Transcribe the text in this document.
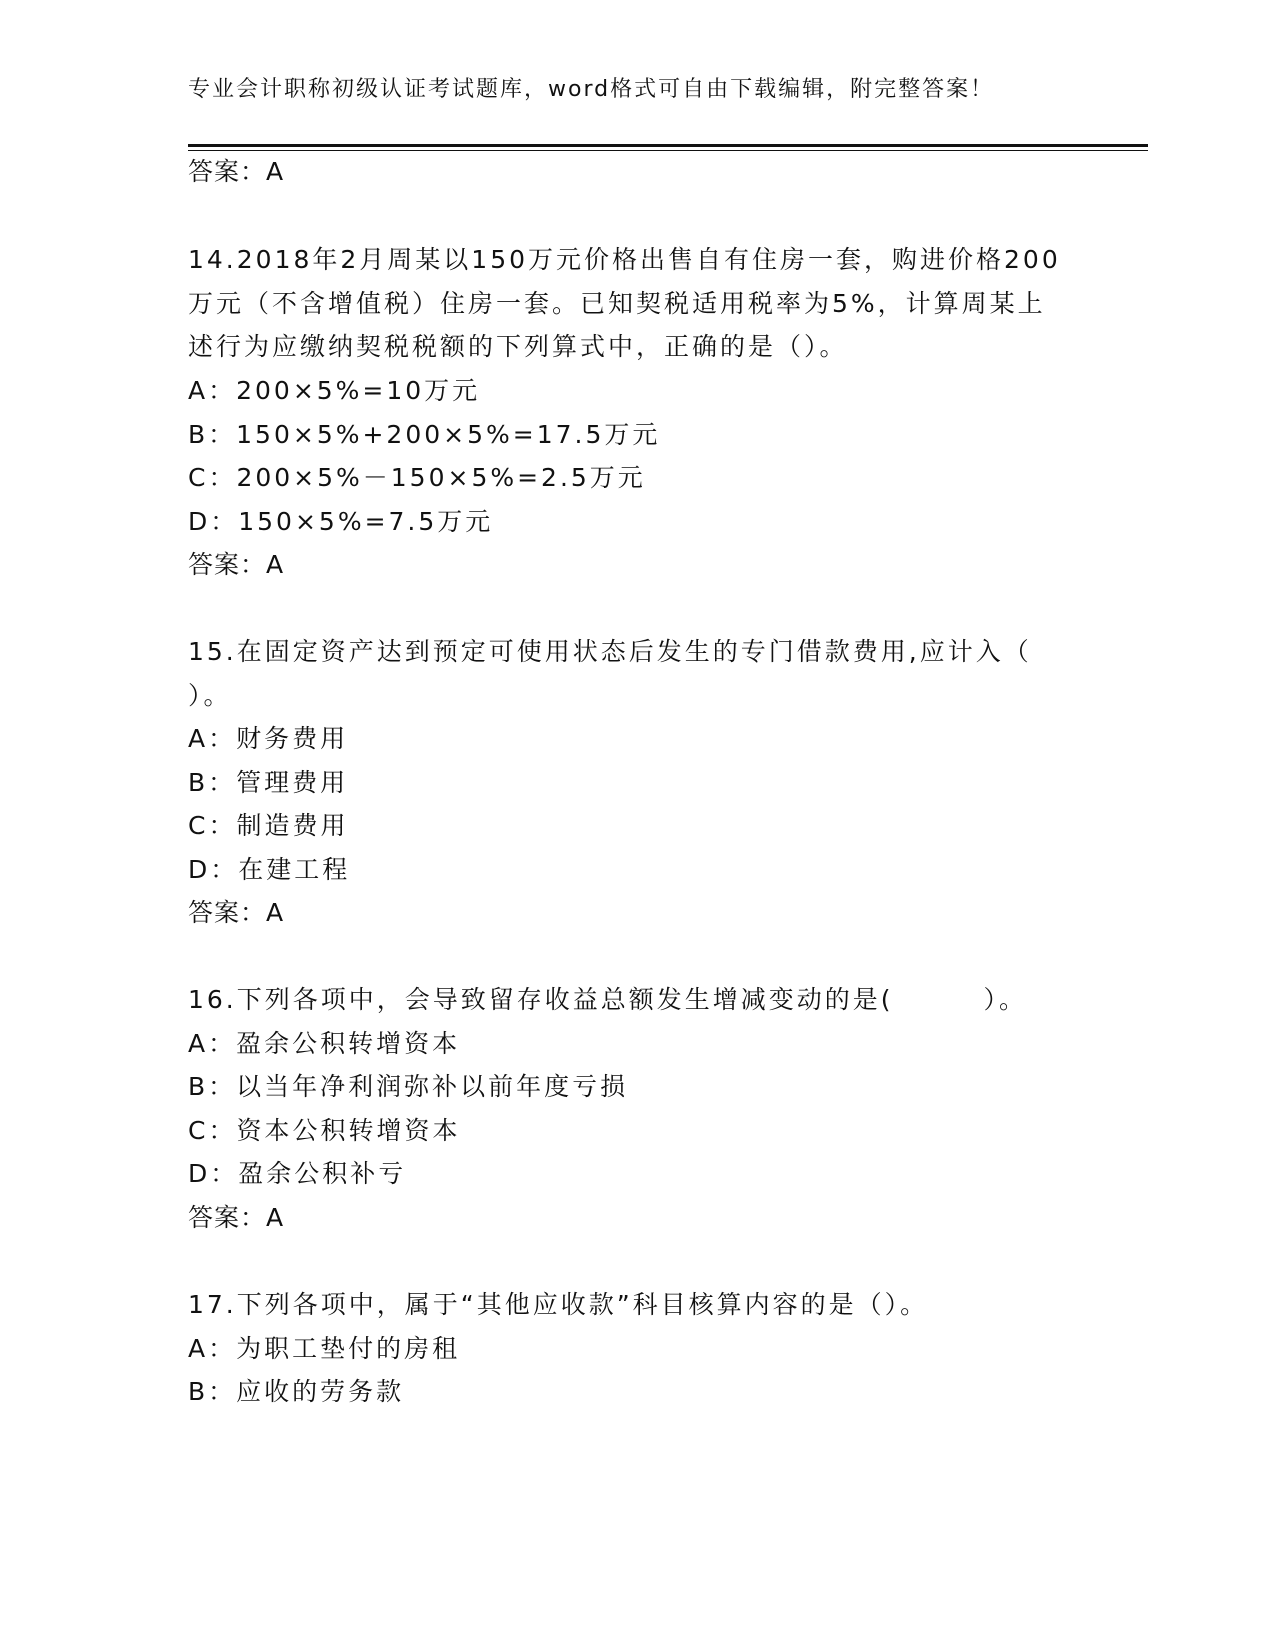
专业会计职称初级认证考试题库，word格式可自由下载编辑，附完整答案！
答案：A
14.2018年2月周某以150万元价格出售自有住房一套，购进价格200
万元（不含增值税）住房一套。已知契税适用税率为5%，计算周某上
述行为应缴纳契税税额的下列算式中，正确的是（）。
A：200×5%=10万元
B：150×5%+200×5%=17.5万元
C：200×5%－150×5%=2.5万元
D：150×5%=7.5万元
答案：A
15.在固定资产达到预定可使用状态后发生的专门借款费用,应计入（
）。
A：财务费用
B：管理费用
C：制造费用
D：在建工程
答案：A
16.下列各项中，会导致留存收益总额发生增减变动的是(	）。
A：盈余公积转增资本
B：以当年净利润弥补以前年度亏损
C：资本公积转增资本
D：盈余公积补亏
答案：A
17.下列各项中，属于“其他应收款”科目核算内容的是（）。
A：为职工垫付的房租
B：应收的劳务款
